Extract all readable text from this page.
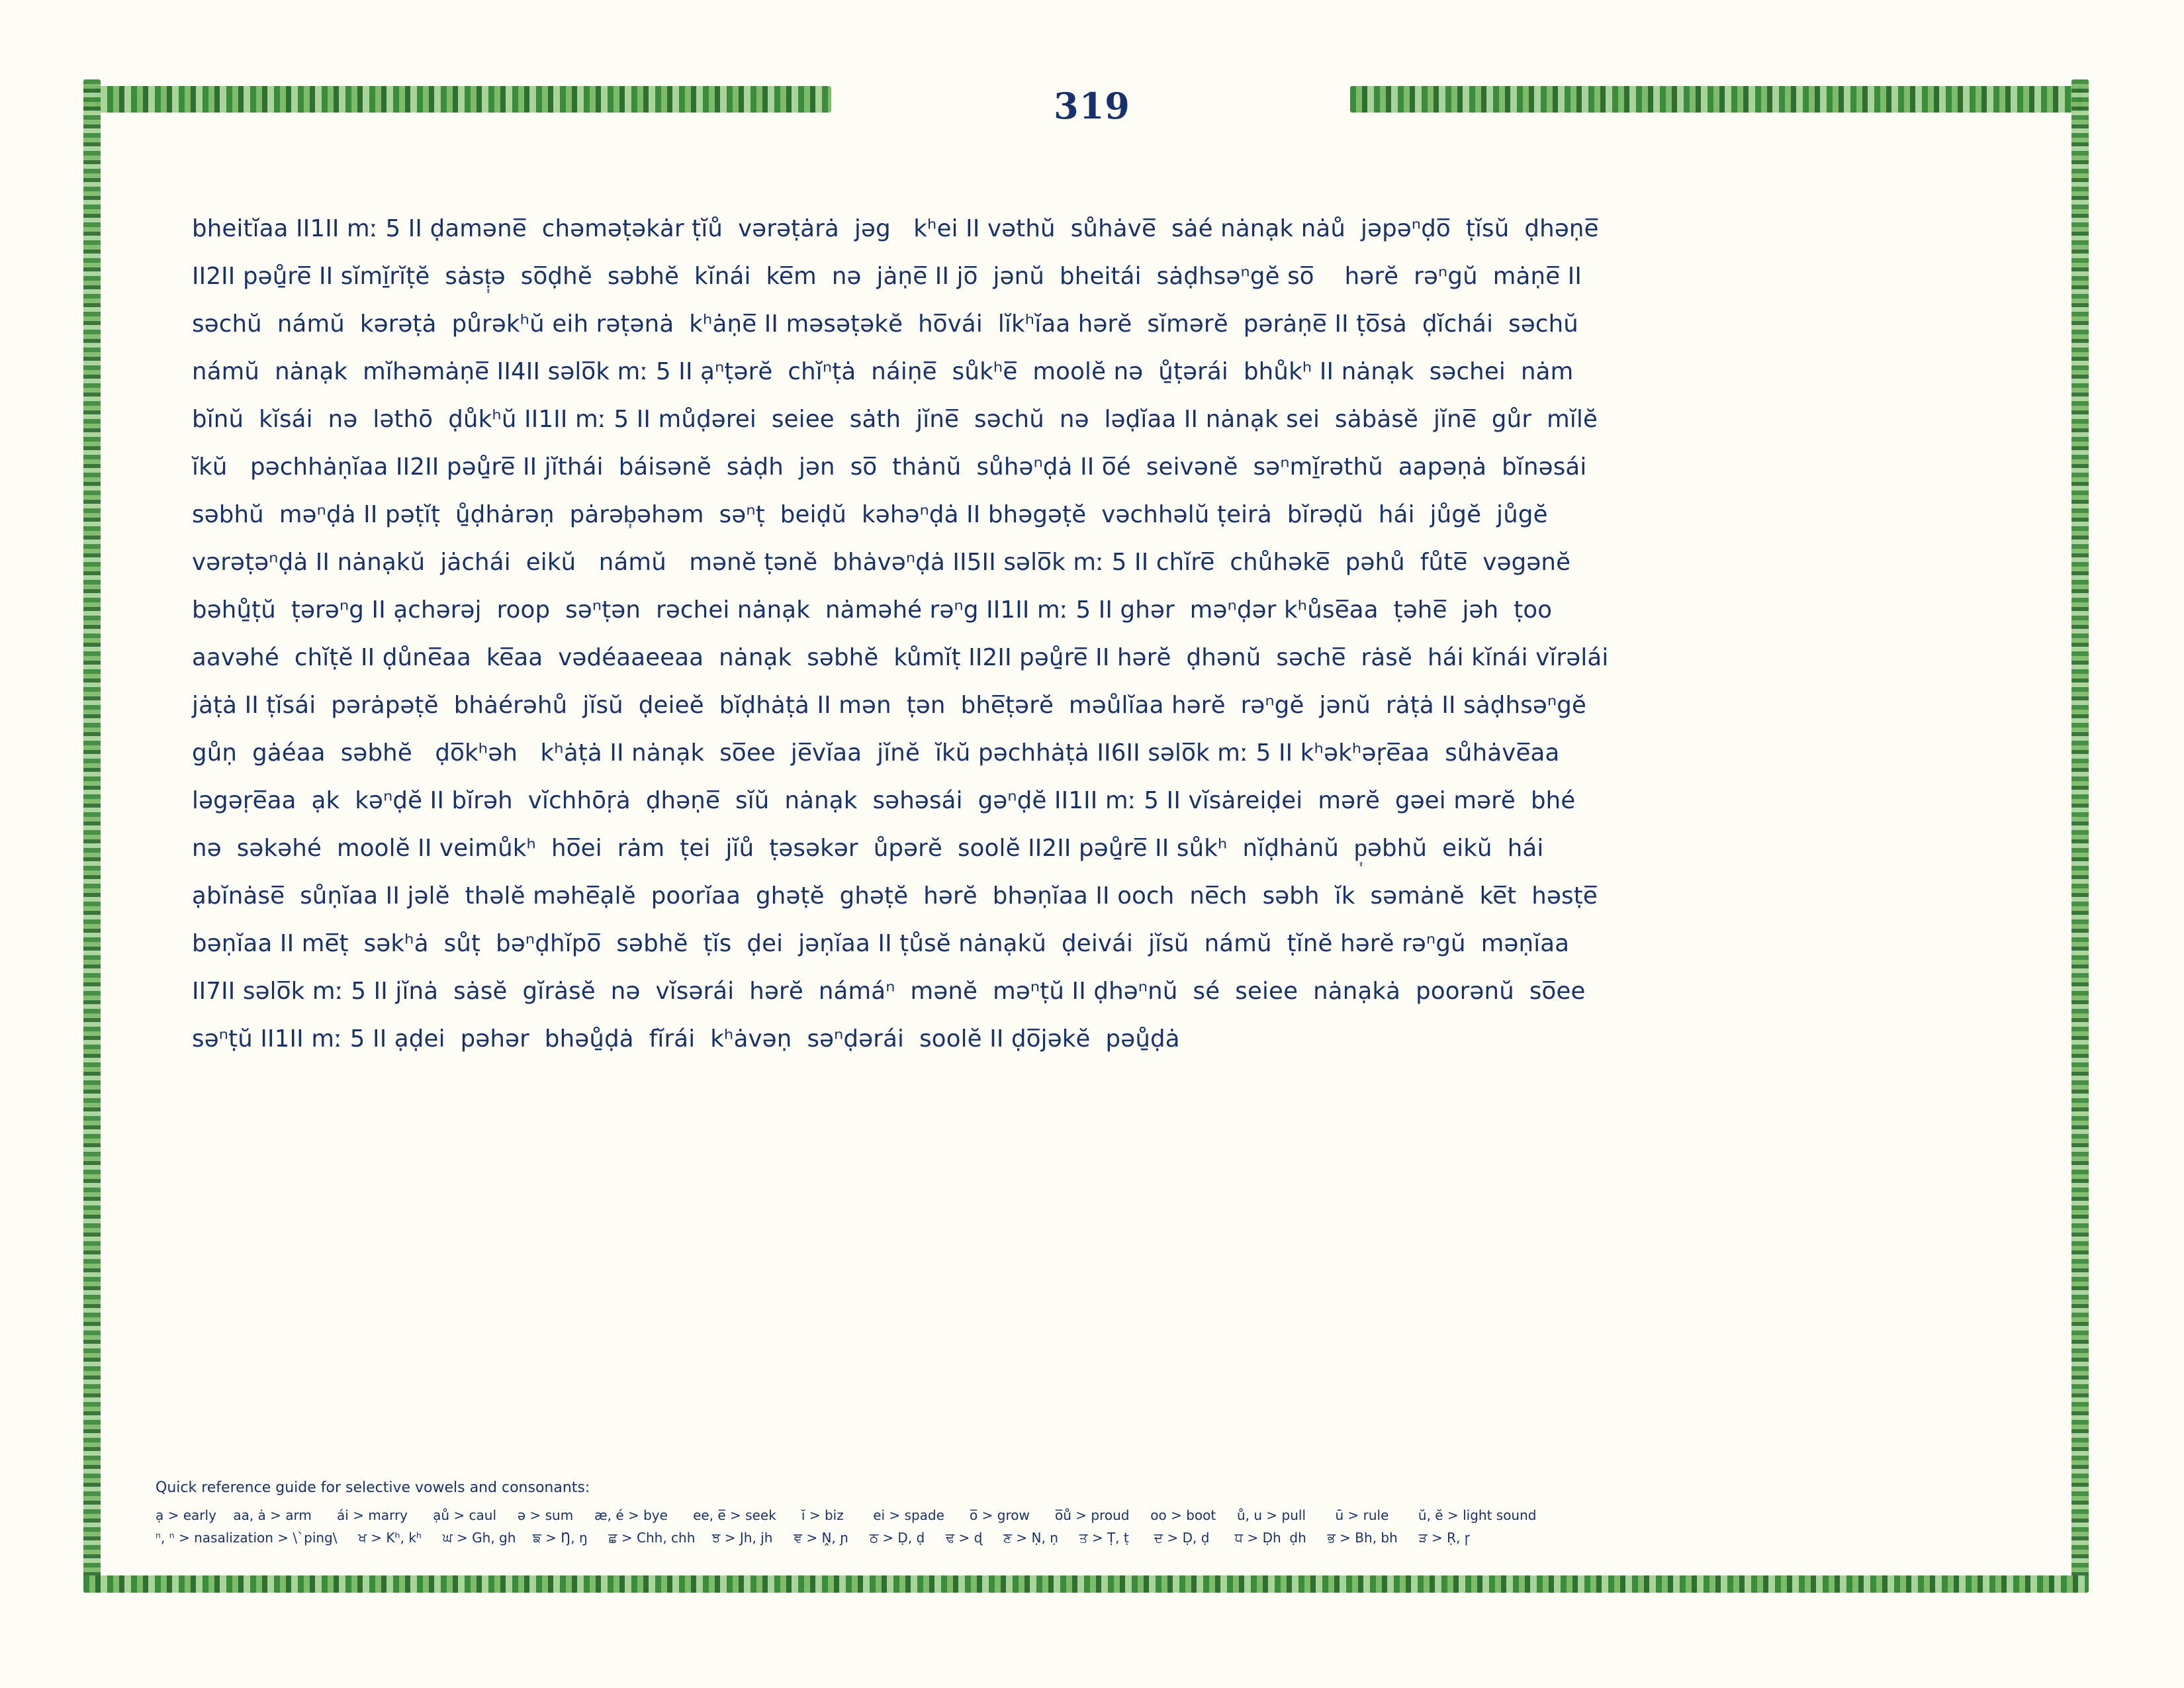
319
bheitĭaa II1II mː 5 II ḍaməne̅  chəməṭəkȧr ṭĭů  vərəṭȧrȧ  jəg   kʰei II vəthŭ  sůhȧve̅  sȧé nȧnạk nȧů  jəpəⁿḍo̅  ṭĭsŭ  ḍhəṇe̅
II2II pəů̱re̅ II sĭmĭ̱rĭṭĕ  sȧsṭ᷂ə  so̅ḍhĕ  səbhĕ  kĭnái  ke̅m  nə  jȧṇe̅ II jo̅  jənŭ  bheitái  sȧḍhsəⁿgĕ so̅    hərĕ  rəⁿgŭ  mȧṇe̅ II
səchŭ  námŭ  kərəṭȧ  půrəkʰŭ eih rəṭənȧ  kʰȧṇe̅ II məsəṭəkĕ  ho̅vái  lĭkʰĭaa hərĕ  sĭmərĕ  pərȧṇe̅ II ṭo̅sȧ  ḍĭchái  səchŭ
námŭ  nȧnạk  mĭhəmȧṇe̅ II4II səlo̅k mː 5 II ạⁿṭərĕ  chĭⁿṭȧ  náiṇe̅  sůkʰe̅  moolĕ nə  ů̱ṭərái  bhůkʰ II nȧnạk  səchei  nȧm
bĭnŭ  kĭsái  nə  ləthō  ḍůkʰŭ II1II mː 5 II můḍərei  seiee  sȧth  jĭne̅  səchŭ  nə  ləḍĭaa II nȧnạk sei  sȧbȧsĕ  jĭne̅  gůr  mĭlĕ
ĭkŭ   pəchhȧṇĭaa II2II pəů̱re̅ II jĭthái  báisənĕ  sȧḍh  jən  so̅  thȧnŭ  sůhəⁿḍȧ II o̅é  seivənĕ  səⁿmĭ̱rəthŭ  aapəṇȧ  bĭnəsái
səbhŭ  məⁿḍȧ II pəṭĭṭ  ů̱ḍhȧrəṇ  pȧrəb᷂əhəm  səⁿṭ  beiḍŭ  kəhəⁿḍȧ II bhəgəṭĕ  vəchhəlŭ ṭeirȧ  bĭrəḍŭ  hái  jůgĕ  jůgĕ
vərəṭəⁿḍȧ II nȧnạkŭ  jȧchái  eikŭ   námŭ   mənĕ ṭənĕ  bhȧvəⁿḍȧ II5II səlo̅k mː 5 II chĭre̅  chůhəke̅  pəhů  fůte̅  vəgənĕ
bəhů̱ṭŭ  ṭərəⁿg II ạchərəj  roop  səⁿṭən  rəchei nȧnạk  nȧməhé rəⁿg II1II mː 5 II ghər  məⁿḍər kʰůse̅aa  ṭəhe̅  jəh  ṭoo
aavəhé  chĭṭĕ II ḍůne̅aa  ke̅aa  vədéaaeeaa  nȧnạk  səbhĕ  kůmĭṭ II2II pəů̱re̅ II hərĕ  ḍhənŭ  səche̅  rȧsĕ  hái kĭnái vĭrəlái
jȧṭȧ II ṭĭsái  pərȧpəṭĕ  bhȧérəhů  jĭsŭ  ḍeieĕ  bĭḍhȧṭȧ II mən  ṭən  bhe̅ṭərĕ  məůlĭaa hərĕ  rəⁿgĕ  jənŭ  rȧṭȧ II sȧḍhsəⁿgĕ
gůṇ  gȧéaa  səbhĕ   ḍo̅kʰəh   kʰȧṭȧ II nȧnạk  so̅ee  je̅vĭaa  jĭnĕ  ĭkŭ pəchhȧṭȧ II6II səlo̅k mː 5 II kʰəkʰəṛe̅aa  sůhȧve̅aa
ləgəṛe̅aa  ạk  kəⁿḍĕ II bĭrəh  vĭchhōṛȧ  ḍhəṇe̅  sĭŭ  nȧnạk  səhəsái  gəⁿḍĕ II1II mː 5 II vĭsȧreiḍei  mərĕ  gəei mərĕ  bhé
nə  səkəhé  moolĕ II veimůkʰ  ho̅ei  rȧm  ṭei  jĭů  ṭəsəkər  ůpərĕ  soolĕ II2II pəů̱re̅ II sůkʰ  nĭḍhȧnŭ  p᷂əbhŭ  eikŭ  hái
ạbĭnȧse̅  sůṇĭaa II jəlĕ  thəlĕ məhe̅ạlĕ  poorĭaa  ghəṭĕ  ghəṭĕ  hərĕ  bhəṇĭaa II ooch  ne̅ch  səbh  ĭk  səmȧnĕ  ke̅t  həsṭe̅
bəṇĭaa II me̅ṭ  səkʰȧ  sůṭ  bəⁿḍhĭpo̅  səbhĕ  ṭĭs  ḍei  jəṇĭaa II ṭůsĕ nȧnạkŭ  ḍeivái  jĭsŭ  námŭ  ṭĭnĕ hərĕ rəⁿgŭ  məṇĭaa
II7II səlo̅k mː 5 II jĭnȧ  sȧsĕ  gĭrȧsĕ  nə  vĭsərái  hərĕ  námáⁿ  mənĕ  məⁿṭŭ II ḍhəⁿnŭ  sé  seiee  nȧnạkȧ  poorənŭ  so̅ee
səⁿṭŭ II1II mː 5 II ạḍei  pəhər  bhəů̱ḍȧ  fĭrái  kʰȧvəṇ  səⁿḍərái  soolĕ II ḍo̅jəkĕ  pəů̱ḍȧ
Quick reference guide for selective vowels and consonants:
ạ > early    aa, ȧ > arm      ái > marry      ạů > caul     ə > sum     æ, é > bye      ee, e̅ > seek      ĭ > biz       ei > spade      o̅ > grow      o̅ů > proud     oo > boot     ů, u > pull       ū > rule       ŭ, ĕ > light sound
ⁿ, ⁿ > nasalization > \ˋping\     ਖ > Kʰ, kʰ     ਘ > Gh, gh    ਙ > Ŋ, ŋ     ਛ > Chh, chh    ਝ > Jh, jh     ਞ > Ṋ, ɲ     ਠ > Ḍ, ḍ     ਢ > ɖ     ਣ > Ṇ, ṇ     ਤ > Ṭ, ṭ      ਦ > Ḍ, ḍ      ਧ > Ḍh  ḍh     ਭ > Bh, bh     ੜ > Ṛ, ɼ
